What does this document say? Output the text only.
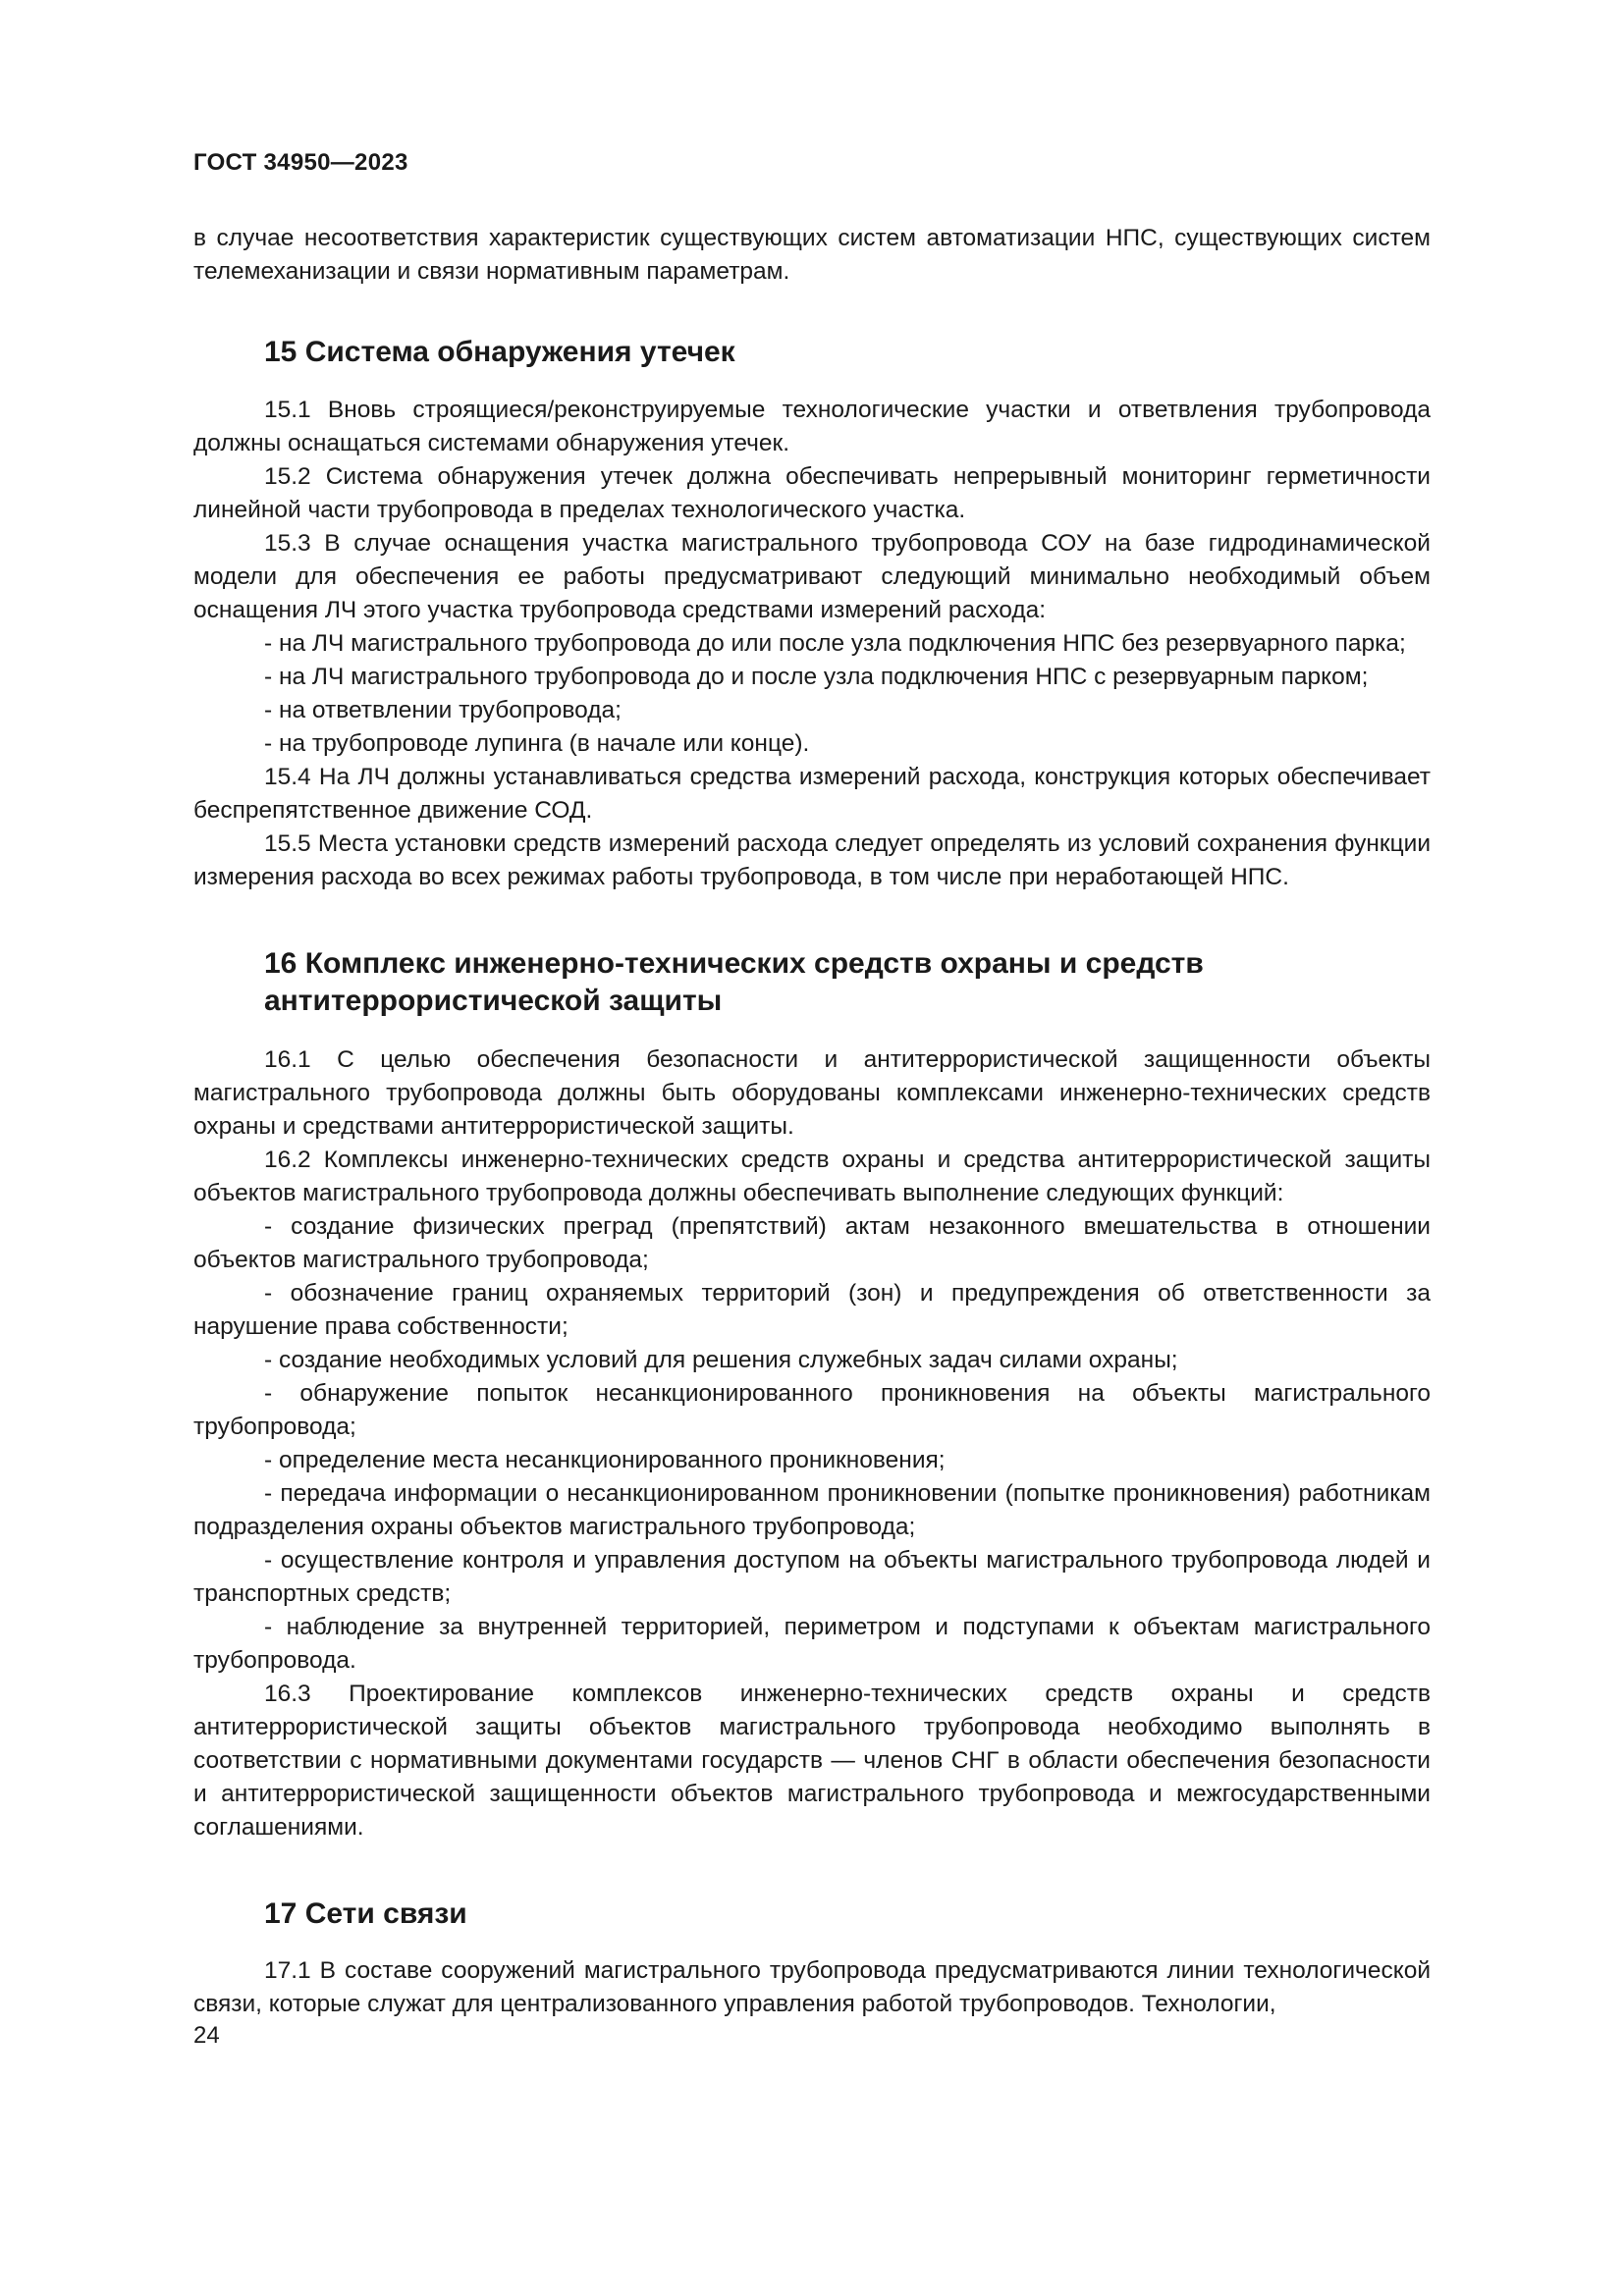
ГОСТ 34950—2023

в случае несоответствия характеристик существующих систем автоматизации НПС, существующих систем телемеханизации и связи нормативным параметрам.

15 Система обнаружения утечек

15.1 Вновь строящиеся/реконструируемые технологические участки и ответвления трубопровода должны оснащаться системами обнаружения утечек.

15.2 Система обнаружения утечек должна обеспечивать непрерывный мониторинг герметичности линейной части трубопровода в пределах технологического участка.

15.3 В случае оснащения участка магистрального трубопровода СОУ на базе гидродинамической модели для обеспечения ее работы предусматривают следующий минимально необходимый объем оснащения ЛЧ этого участка трубопровода средствами измерений расхода:

- на ЛЧ магистрального трубопровода до или после узла подключения НПС без резервуарного парка;

- на ЛЧ магистрального трубопровода до и после узла подключения НПС с резервуарным парком;

- на ответвлении трубопровода;

- на трубопроводе лупинга (в начале или конце).

15.4 На ЛЧ должны устанавливаться средства измерений расхода, конструкция которых обеспечивает беспрепятственное движение СОД.

15.5 Места установки средств измерений расхода следует определять из условий сохранения функции измерения расхода во всех режимах работы трубопровода, в том числе при неработающей НПС.

16 Комплекс инженерно-технических средств охраны и средств
антитеррористической защиты

16.1 С целью обеспечения безопасности и антитеррористической защищенности объекты магистрального трубопровода должны быть оборудованы комплексами инженерно-технических средств охраны и средствами антитеррористической защиты.

16.2 Комплексы инженерно-технических средств охраны и средства антитеррористической защиты объектов магистрального трубопровода должны обеспечивать выполнение следующих функций:

- создание физических преград (препятствий) актам незаконного вмешательства в отношении объектов магистрального трубопровода;

- обозначение границ охраняемых территорий (зон) и предупреждения об ответственности за нарушение права собственности;

- создание необходимых условий для решения служебных задач силами охраны;

- обнаружение попыток несанкционированного проникновения на объекты магистрального трубопровода;

- определение места несанкционированного проникновения;

- передача информации о несанкционированном проникновении (попытке проникновения) работникам подразделения охраны объектов магистрального трубопровода;

- осуществление контроля и управления доступом на объекты магистрального трубопровода людей и транспортных средств;

- наблюдение за внутренней территорией, периметром и подступами к объектам магистрального трубопровода.

16.3 Проектирование комплексов инженерно-технических средств охраны и средств антитеррористической защиты объектов магистрального трубопровода необходимо выполнять в соответствии с нормативными документами государств — членов СНГ в области обеспечения безопасности и антитеррористической защищенности объектов магистрального трубопровода и межгосударственными соглашениями.

17 Сети связи

17.1 В составе сооружений магистрального трубопровода предусматриваются линии технологической связи, которые служат для централизованного управления работой трубопроводов. Технологии,

24
